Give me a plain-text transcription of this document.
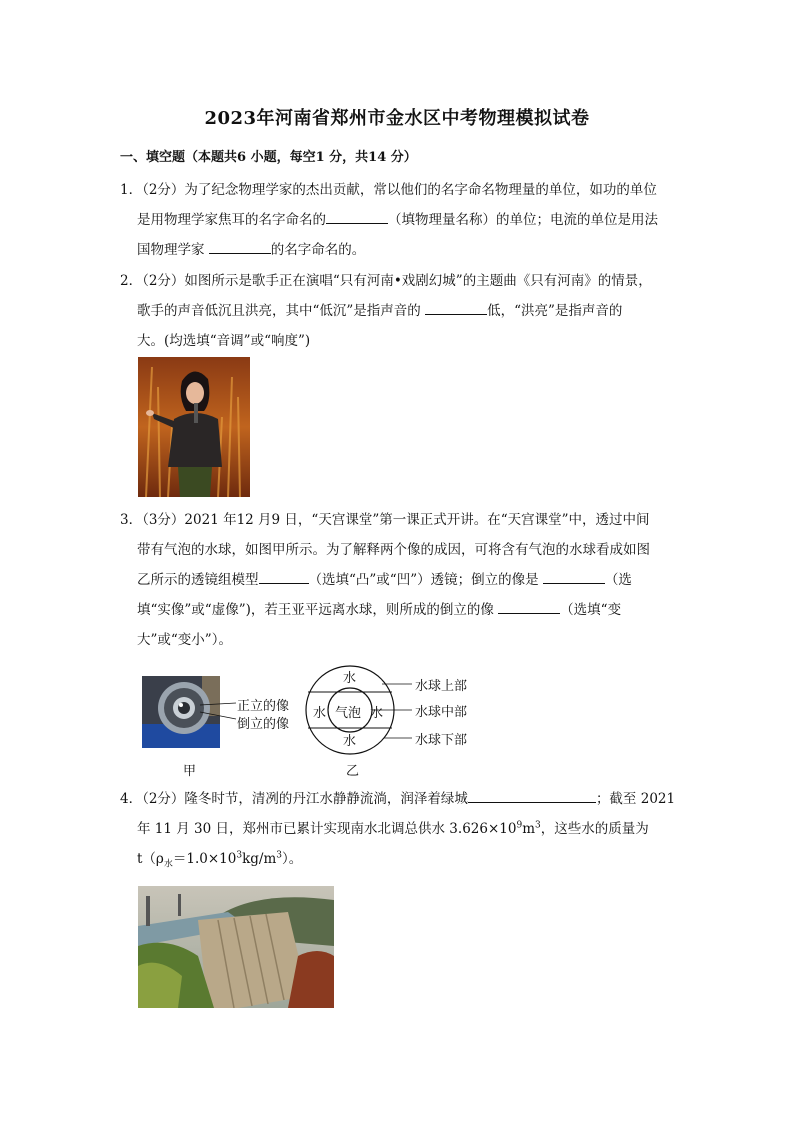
2023年河南省郑州市金水区中考物理模拟试卷
一、填空题（本题共6 小题，每空1 分，共14 分）
1．（2分）为了纪念物理学家的杰出贡献，常以他们的名字命名物理量的单位，如功的单位
是用物理学家焦耳的名字命名的	（填物理量名称）的单位；电流的单位是用法
国物理学家	的名字命名的。
2．（2分）如图所示是歌手正在演唱“只有河南•戏剧幻城”的主题曲《只有河南》的情景，
歌手的声音低沉且洪亮，其中“低沉”是指声音的	低，“洪亮”是指声音的
大。(均选填“音调”或“响度”)
3．（3分）2021 年12 月9 日，“天宫课堂”第一课正式开讲。在“天宫课堂”中，透过中间
带有气泡的水球，如图甲所示。为了解释两个像的成因，可将含有气泡的水球看成如图
乙所示的透镜组模型	（选填“凸”或“凹”）透镜；倒立的像是	（选
填“实像”或“虚像”)，若王亚平远离水球，则所成的倒立的像	（选填“变
大”或“变小”）。
正立的像
倒立的像
水
水 气泡 水
水
水球上部
水球中部
水球下部
甲	乙
4．（2分）隆冬时节，清冽的丹江水静静流淌，润泽着绿城	；截至 2021
年 11 月 30 日，郑州市已累计实现南水北调总供水 $3.626\times 10^9m^3$，这些水的质量为
$t(\rho_水=1.0\times 10^3kg/m^3)$。
